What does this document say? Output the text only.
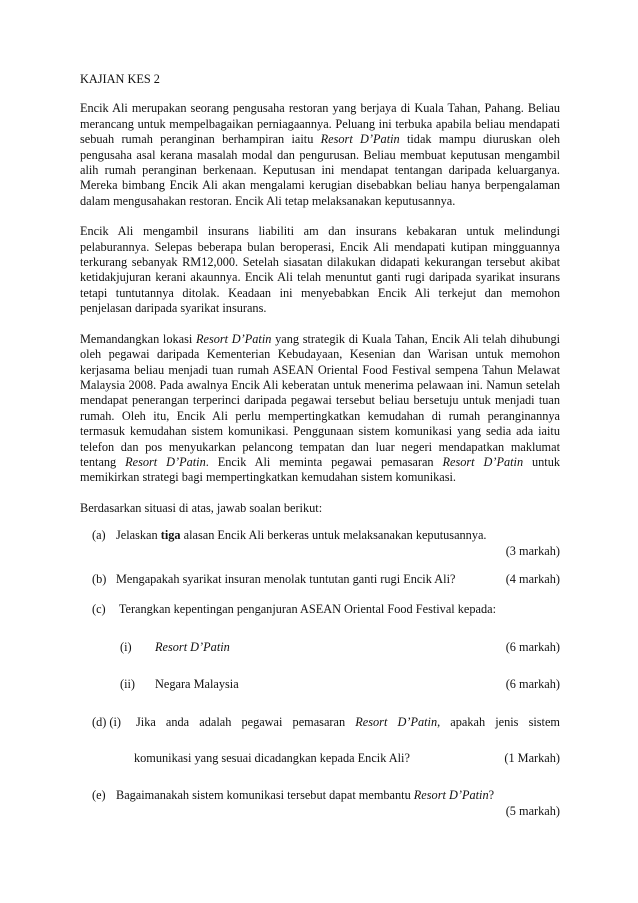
KAJIAN KES 2
Encik Ali merupakan seorang pengusaha restoran yang berjaya di Kuala Tahan, Pahang. Beliau merancang untuk mempelbagaikan perniagaannya. Peluang ini terbuka apabila beliau mendapati sebuah rumah peranginan berhampiran iaitu Resort D’Patin tidak mampu diuruskan oleh pengusaha asal kerana masalah modal dan pengurusan. Beliau membuat keputusan mengambil alih rumah peranginan berkenaan. Keputusan ini mendapat tentangan daripada keluarganya. Mereka bimbang Encik Ali akan mengalami kerugian disebabkan beliau hanya berpengalaman dalam mengusahakan restoran. Encik Ali tetap melaksanakan keputusannya.
Encik Ali mengambil insurans liabiliti am dan insurans kebakaran untuk melindungi pelaburannya. Selepas beberapa bulan beroperasi, Encik Ali mendapati kutipan mingguannya terkurang sebanyak RM12,000. Setelah siasatan dilakukan didapati kekurangan tersebut akibat ketidakjujuran kerani akaunnya. Encik Ali telah menuntut ganti rugi daripada syarikat insurans tetapi tuntutannya ditolak. Keadaan ini menyebabkan Encik Ali terkejut dan memohon penjelasan daripada syarikat insurans.
Memandangkan lokasi Resort D’Patin yang strategik di Kuala Tahan, Encik Ali telah dihubungi oleh pegawai daripada Kementerian Kebudayaan, Kesenian dan Warisan untuk memohon kerjasama beliau menjadi tuan rumah ASEAN Oriental Food Festival sempena Tahun Melawat Malaysia 2008. Pada awalnya Encik Ali keberatan untuk menerima pelawaan ini. Namun setelah mendapat penerangan terperinci daripada pegawai tersebut beliau bersetuju untuk menjadi tuan rumah. Oleh itu, Encik Ali perlu mempertingkatkan kemudahan di rumah peranginannya termasuk kemudahan sistem komunikasi. Penggunaan sistem komunikasi yang sedia ada iaitu telefon dan pos menyukarkan pelancong tempatan dan luar negeri mendapatkan maklumat tentang Resort D’Patin. Encik Ali meminta pegawai pemasaran Resort D’Patin untuk memikirkan strategi bagi mempertingkatkan kemudahan sistem komunikasi.
Berdasarkan situasi di atas, jawab soalan berikut:
(a) Jelaskan tiga alasan Encik Ali berkeras untuk melaksanakan keputusannya.
(3 markah)
(b) Mengapakah syarikat insuran menolak tuntutan ganti rugi Encik Ali?	(4 markah)
(c) Terangkan kepentingan penganjuran ASEAN Oriental Food Festival kepada:
(i) Resort D’Patin	(6 markah)
(ii) Negara Malaysia	(6 markah)
(d) (i) Jika anda adalah pegawai pemasaran Resort D’Patin, apakah jenis sistem
komunikasi yang sesuai dicadangkan kepada Encik Ali?	(1 Markah)
(e) Bagaimanakah sistem komunikasi tersebut dapat membantu Resort D’Patin?
(5 markah)
